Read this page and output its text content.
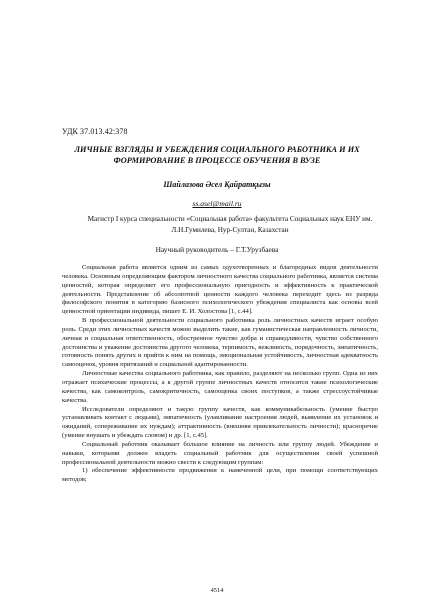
УДК 37.013.42:378
ЛИЧНЫЕ ВЗГЛЯДЫ И УБЕЖДЕНИЯ СОЦИАЛЬНОГО РАБОТНИКА И ИХ ФОРМИРОВАНИЕ В ПРОЦЕССЕ ОБУЧЕНИЯ В ВУЗЕ
Шайлазова Әсел Қайратқызы
ss.asel@mail.ru
Магистр I курса специальности «Социальная работа» факультета Социальных наук ЕНУ им. Л.Н.Гумилева, Нур-Султан, Казахстан
Научный руководитель – Г.Т.Урузбаева

Социальная работа является одним из самых одухотворенных и благородных видов деятельности человека. Основным определяющим фактором личностного качества социального работника, является система ценностей, которая определяет его профессиональную пригодность и эффективность к практической деятельности. Представление об абсолютной ценности каждого человека переходит здесь из разряда философского понятия в категорию базисного психологического убеждения специалиста как основы всей ценностной ориентации индивида, пишет Е. И. Холостова [1, с.44].

В профессиональной деятельности социального работника роль личностных качеств играет особую роль. Среди этих личностных качеств можно выделить такие, как гуманистическая направленность личности, личная и социальная ответственность, обостренное чувство добра и справедливости, чувство собственного достоинства и уважение достоинства другого человека, терпимость, вежливость, порядочность, эмпатичность, готовность понять других и прийти к ним на помощь, эмоциональная устойчивость, личностная адекватность самооценок, уровня притязаний и социальной адаптированности.

Личностные качества социального работника, как правило, разделяют на несколько групп. Одна из них отражает психические процессы, а к другой группе личностных качеств относятся такие психологические качества, как самоконтроль, самокритичность, самооценка своих поступков, а также стрессоустойчивые качества.

Исследователи определяют и такую группу качеств, как коммуникабельность (умение быстро устанавливать контакт с людьми), эмпатичность (улавливание настроения людей, выявление их установок и ожиданий, сопереживание их нуждам); аттрактивность (внешняя привлекательность личности); красноречие (умение внушать и убеждать словом) и др. [1, с.45].

Социальный работник оказывает большое влияние на личность или группу людей. Убеждение и навыки, которыми должен владеть социальный работник для осуществления своей успешной профессиональной деятельности можно свести к следующим группам:

1) обеспечение эффективности продвижения к намеченной цели, при помощи соответствующих методов;

4514
